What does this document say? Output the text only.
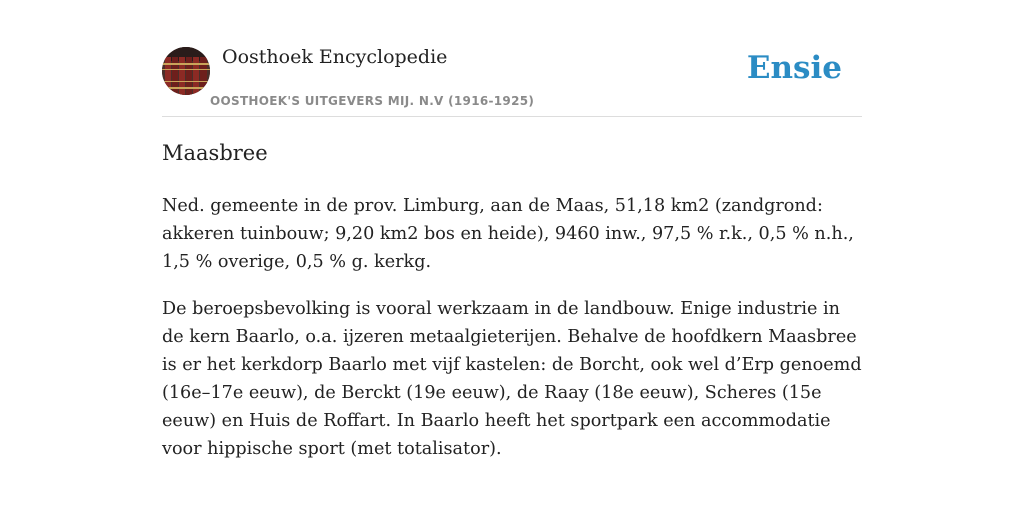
Oosthoek Encyclopedie
OOSTHOEK'S UITGEVERS MIJ. N.V (1916-1925)
Ensie
Maasbree

Ned. gemeente in de prov. Limburg, aan de Maas, 51,18 km2 (zandgrond: akkeren tuinbouw; 9,20 km2 bos en heide), 9460 inw., 97,5 % r.k., 0,5 % n.h., 1,5 % overige, 0,5 % g. kerkg.

De beroepsbevolking is vooral werkzaam in de landbouw. Enige industrie in de kern Baarlo, o.a. ijzeren metaalgieterijen. Behalve de hoofdkern Maasbree is er het kerkdorp Baarlo met vijf kastelen: de Borcht, ook wel d’Erp genoemd (16e–17e eeuw), de Berckt (19e eeuw), de Raay (18e eeuw), Scheres (15e eeuw) en Huis de Roffart. In Baarlo heeft het sportpark een accommodatie voor hippische sport (met totalisator).
